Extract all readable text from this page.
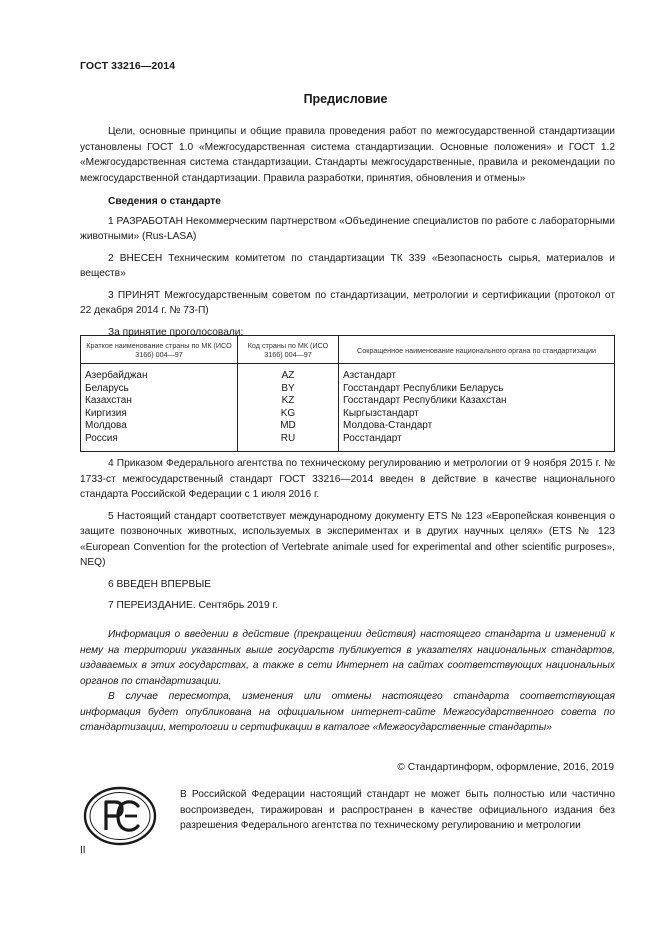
ГОСТ 33216—2014
Предисловие

Цели, основные принципы и общие правила проведения работ по межгосударственной стандартизации установлены ГОСТ 1.0 «Межгосударственная система стандартизации. Основные положения» и ГОСТ 1.2 «Межгосударственная система стандартизации. Стандарты межгосударственные, правила и рекомендации по межгосударственной стандартизации. Правила разработки, принятия, обновления и отмены»

Сведения о стандарте

1 РАЗРАБОТАН Некоммерческим партнерством «Объединение специалистов по работе с лабораторными животными» (Rus-LASA)

2 ВНЕСЕН Техническим комитетом по стандартизации ТК 339 «Безопасность сырья, материалов и веществ»

3 ПРИНЯТ Межгосударственным советом по стандартизации, метрологии и сертификации (протокол от 22 декабря 2014 г. № 73-П)

За принятие проголосовали:

Краткое наименование страны по МК (ИСО 3166) 004—97	Код страны по МК (ИСО 3166) 004—97	Сокращенное наименование национального органа по стандартизации
Азербайджан	AZ	Азстандарт
Беларусь	BY	Госстандарт Республики Беларусь
Казахстан	KZ	Госстандарт Республики Казахстан
Киргизия	KG	Кыргызстандарт
Молдова	MD	Молдова-Стандарт
Россия	RU	Росстандарт

4 Приказом Федерального агентства по техническому регулированию и метрологии от 9 ноября 2015 г. № 1733-ст межгосударственный стандарт ГОСТ 33216—2014 введен в действие в качестве национального стандарта Российской Федерации с 1 июля 2016 г.

5 Настоящий стандарт соответствует международному документу ETS № 123 «Европейская конвенция о защите позвоночных животных, используемых в экспериментах и в других научных целях» (ETS № 123 «European Convention for the protection of Vertebrate animale used for experimental and other scientific purposes», NEQ)

6 ВВЕДЕН ВПЕРВЫЕ

7 ПЕРЕИЗДАНИЕ. Сентябрь 2019 г.

Информация о введении в действие (прекращении действия) настоящего стандарта и изменений к нему на территории указанных выше государств публикуется в указателях национальных стандартов, издаваемых в этих государствах, а также в сети Интернет на сайтах соответствующих национальных органов по стандартизации.

В случае пересмотра, изменения или отмены настоящего стандарта соответствующая информация будет опубликована на официальном интернет-сайте Межгосударственного совета по стандартизации, метрологии и сертификации в каталоге «Межгосударственные стандарты»

© Стандартинформ, оформление, 2016, 2019
В Российской Федерации настоящий стандарт не может быть полностью или частично воспроизведен, тиражирован и распространен в качестве официального издания без разрешения Федерального агентства по техническому регулированию и метрологии
II
